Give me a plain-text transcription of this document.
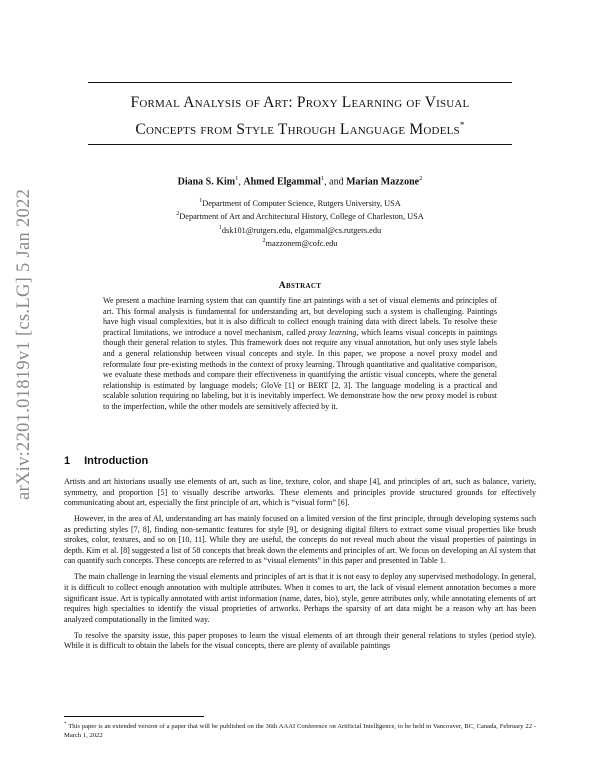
arXiv:2201.01819v1 [cs.LG] 5 Jan 2022
Formal Analysis of Art: Proxy Learning of Visual
Concepts from Style Through Language Models*
Diana S. Kim$^1$, Ahmed Elgammal$^1$, and Marian Mazzone$^2$
$^1$Department of Computer Science, Rutgers University, USA
$^2$Department of Art and Architectural History, College of Charleston, USA
$^1$dsk101@rutgers.edu, elgammal@cs.rutgers.edu
$^2$mazzonem@cofc.edu
Abstract
We present a machine learning system that can quantify fine art paintings with a set of visual elements and principles of art. This formal analysis is fundamental for understanding art, but developing such a system is challenging. Paintings have high visual complexities, but it is also difficult to collect enough training data with direct labels. To resolve these practical limitations, we introduce a novel mechanism, called proxy learning, which learns visual concepts in paintings though their general relation to styles. This framework does not require any visual annotation, but only uses style labels and a general relationship between visual concepts and style. In this paper, we propose a novel proxy model and reformulate four pre-existing methods in the context of proxy learning. Through quantitative and qualitative comparison, we evaluate these methods and compare their effectiveness in quantifying the artistic visual concepts, where the general relationship is estimated by language models; GloVe [1] or BERT [2, 3]. The language modeling is a practical and scalable solution requiring no labeling, but it is inevitably imperfect. We demonstrate how the new proxy model is robust to the imperfection, while the other models are sensitively affected by it.
1 Introduction

Artists and art historians usually use elements of art, such as line, texture, color, and shape [4], and principles of art, such as balance, variety, symmetry, and proportion [5] to visually describe artworks. These elements and principles provide structured grounds for effectively communicating about art, especially the first principle of art, which is “visual form” [6].

However, in the area of AI, understanding art has mainly focused on a limited version of the first principle, through developing systems such as predicting styles [7, 8], finding non-semantic features for style [9], or designing digital filters to extract some visual properties like brush strokes, color, textures, and so on [10, 11]. While they are useful, the concepts do not reveal much about the visual properties of paintings in depth. Kim et al. [8] suggested a list of 58 concepts that break down the elements and principles of art. We focus on developing an AI system that can quantify such concepts. These concepts are referred to as “visual elements” in this paper and presented in Table 1.

The main challenge in learning the visual elements and principles of art is that it is not easy to deploy any supervised methodology. In general, it is difficult to collect enough annotation with multiple attributes. When it comes to art, the lack of visual element annotation becomes a more significant issue. Art is typically annotated with artist information (name, dates, bio), style, genre attributes only, while annotating elements of art requires high specialties to identify the visual proprieties of artworks. Perhaps the sparsity of art data might be a reason why art has been analyzed computationally in the limited way.

To resolve the sparsity issue, this paper proposes to learn the visual elements of art through their general relations to styles (period style). While it is difficult to obtain the labels for the visual concepts, there are plenty of available paintings

* This paper is an extended version of a paper that will be published on the 36th AAAI Conference on Artificial Intelligence, to be held in Vancouver, BC, Canada, February 22 - March 1, 2022
